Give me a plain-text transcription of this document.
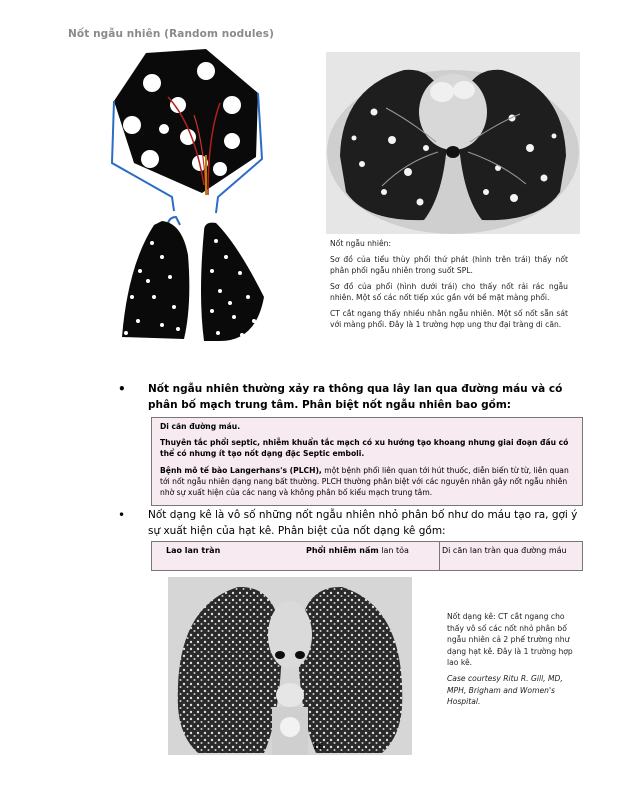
Nốt ngẫu nhiên (Random nodules)

Nốt ngẫu nhiên:

Sơ đồ của tiểu thùy phổi thứ phát (hình trên trái) thấy nốt phân phối ngẫu nhiên trong suốt SPL.

Sơ đồ của phổi (hình dưới trái) cho thấy nốt rải rác ngẫu nhiên. Một số các nốt tiếp xúc gần với bề mặt màng phổi.

CT cắt ngang thấy nhiều nhân ngẫu nhiên. Một số nốt sẵn sát với màng phổi. Đây là 1 trường hợp ung thư đại tràng di căn.

• Nốt ngẫu nhiên thường xảy ra thông qua lây lan qua đường máu và có phân bố mạch trung tâm. Phân biệt nốt ngẫu nhiên bao gồm:

Di căn đường máu.

Thuyên tắc phổi septic, nhiễm khuẩn tắc mạch có xu hướng tạo khoang nhưng giai đoạn đầu có thể có nhưng ít tạo nốt dạng đặc Septic emboli.

Bệnh mô tế bào Langerhans's (PLCH), một bệnh phổi liên quan tới hút thuốc, diễn biến từ từ, liên quan tới nốt ngẫu nhiên dạng nang bất thường. PLCH thường phân biệt với các nguyên nhân gây nốt ngẫu nhiên nhờ sự xuất hiện của các nang và không phân bố kiểu mạch trung tâm.

• Nốt dạng kê là vô số những nốt ngẫu nhiên nhỏ phân bố như do máu tạo ra, gợi ý sự xuất hiện của hạt kê. Phân biệt của nốt dạng kê gồm:
Lao lan tràn	Phổi nhiễm nấm lan tỏa	Di căn lan tràn qua đường máu

Nốt dạng kê: CT cắt ngang cho thấy vô số các nốt nhỏ phân bố ngẫu nhiên cả 2 phế trường như dạng hạt kê. Đây là 1 trường hợp lao kê.

Case courtesy Ritu R. Gill, MD, MPH, Brigham and Women's Hospital.

16
